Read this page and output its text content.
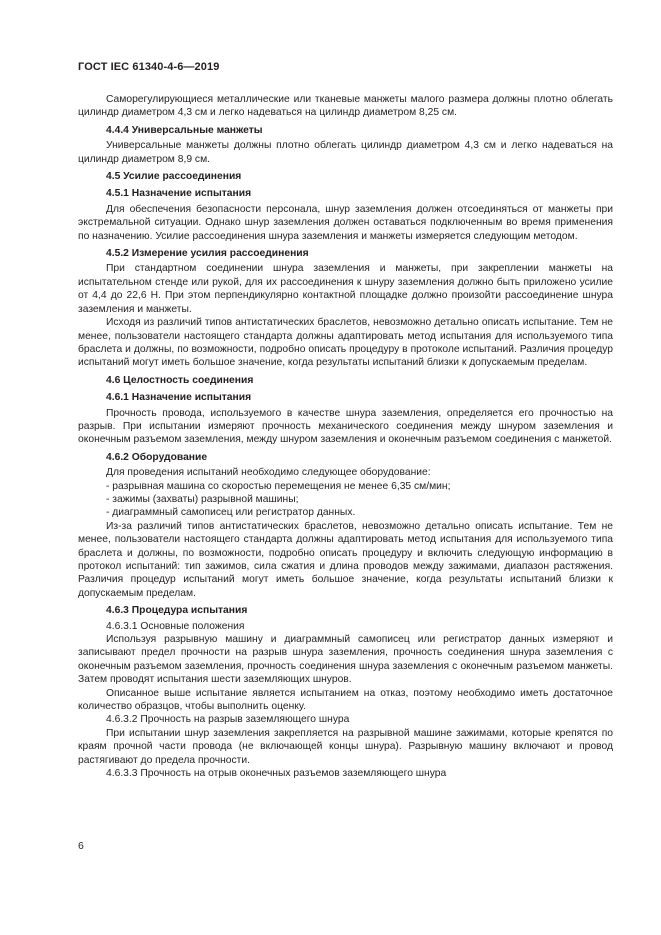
ГОСТ IEC 61340-4-6—2019

Саморегулирующиеся металлические или тканевые манжеты малого размера должны плотно облегать цилиндр диаметром 4,3 см и легко надеваться на цилиндр диаметром 8,25 см.

4.4.4 Универсальные манжеты

Универсальные манжеты должны плотно облегать цилиндр диаметром 4,3 см и легко надеваться на цилиндр диаметром 8,9 см.

4.5 Усилие рассоединения

4.5.1 Назначение испытания

Для обеспечения безопасности персонала, шнур заземления должен отсоединяться от манжеты при экстремальной ситуации. Однако шнур заземления должен оставаться подключенным во время применения по назначению. Усилие рассоединения шнура заземления и манжеты измеряется следующим методом.

4.5.2 Измерение усилия рассоединения

При стандартном соединении шнура заземления и манжеты, при закреплении манжеты на испытательном стенде или рукой, для их рассоединения к шнуру заземления должно быть приложено усилие от 4,4 до 22,6 Н. При этом перпендикулярно контактной площадке должно произойти рассоединение шнура заземления и манжеты.

Исходя из различий типов антистатических браслетов, невозможно детально описать испытание. Тем не менее, пользователи настоящего стандарта должны адаптировать метод испытания для используемого типа браслета и должны, по возможности, подробно описать процедуру в протоколе испытаний. Различия процедур испытаний могут иметь большое значение, когда результаты испытаний близки к допускаемым пределам.

4.6 Целостность соединения

4.6.1 Назначение испытания

Прочность провода, используемого в качестве шнура заземления, определяется его прочностью на разрыв. При испытании измеряют прочность механического соединения между шнуром заземления и оконечным разъемом заземления, между шнуром заземления и оконечным разъемом соединения с манжетой.

4.6.2 Оборудование

Для проведения испытаний необходимо следующее оборудование:

- разрывная машина со скоростью перемещения не менее 6,35 см/мин;

- зажимы (захваты) разрывной машины;

- диаграммный самописец или регистратор данных.

Из-за различий типов антистатических браслетов, невозможно детально описать испытание. Тем не менее, пользователи настоящего стандарта должны адаптировать метод испытания для используемого типа браслета и должны, по возможности, подробно описать процедуру и включить следующую информацию в протокол испытаний: тип зажимов, сила сжатия и длина проводов между зажимами, диапазон растяжения. Различия процедур испытаний могут иметь большое значение, когда результаты испытаний близки к допускаемым пределам.

4.6.3 Процедура испытания

4.6.3.1 Основные положения

Используя разрывную машину и диаграммный самописец или регистратор данных измеряют и записывают предел прочности на разрыв шнура заземления, прочность соединения шнура заземления с оконечным разъемом заземления, прочность соединения шнура заземления с оконечным разъемом манжеты. Затем проводят испытания шести заземляющих шнуров.

Описанное выше испытание является испытанием на отказ, поэтому необходимо иметь достаточное количество образцов, чтобы выполнить оценку.

4.6.3.2 Прочность на разрыв заземляющего шнура

При испытании шнур заземления закрепляется на разрывной машине зажимами, которые крепятся по краям прочной части провода (не включающей концы шнура). Разрывную машину включают и провод растягивают до предела прочности.

4.6.3.3 Прочность на отрыв оконечных разъемов заземляющего шнура

6
